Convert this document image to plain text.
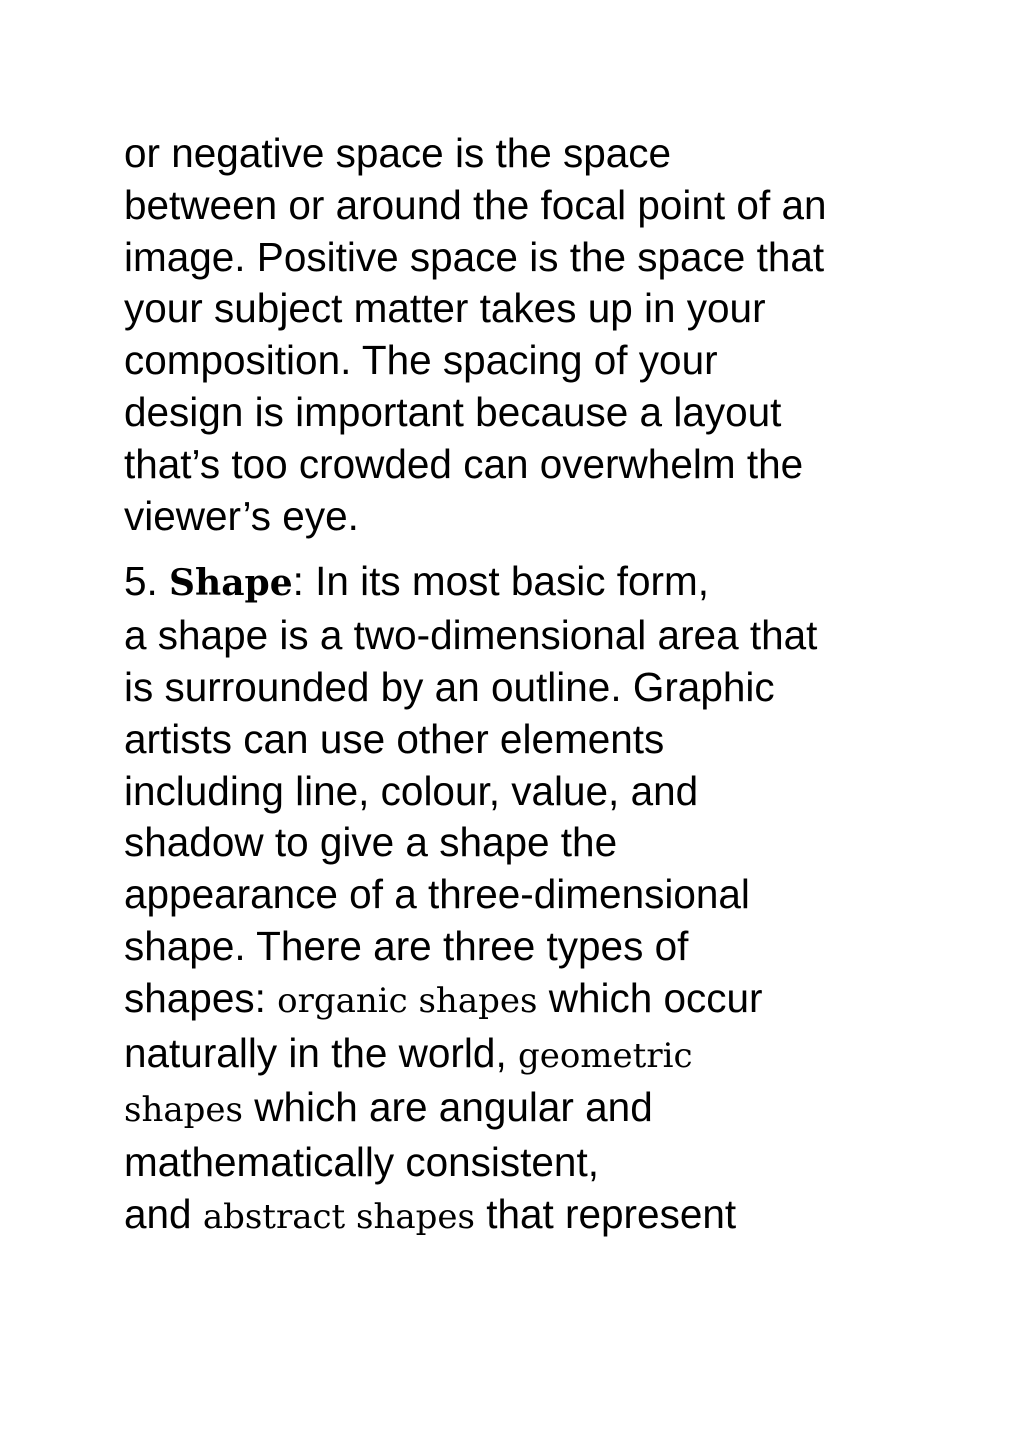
or negative space is the space
between or around the focal point of an
image. Positive space is the space that
your subject matter takes up in your
composition. The spacing of your
design is important because a layout
that’s too crowded can overwhelm the
viewer’s eye.
5. Shape: In its most basic form,
a shape is a two-dimensional area that
is surrounded by an outline. Graphic
artists can use other elements
including line, colour, value, and
shadow to give a shape the
appearance of a three-dimensional
shape. There are three types of
shapes: organic shapes which occur
naturally in the world, geometric
shapes which are angular and
mathematically consistent,
and abstract shapes that represent
